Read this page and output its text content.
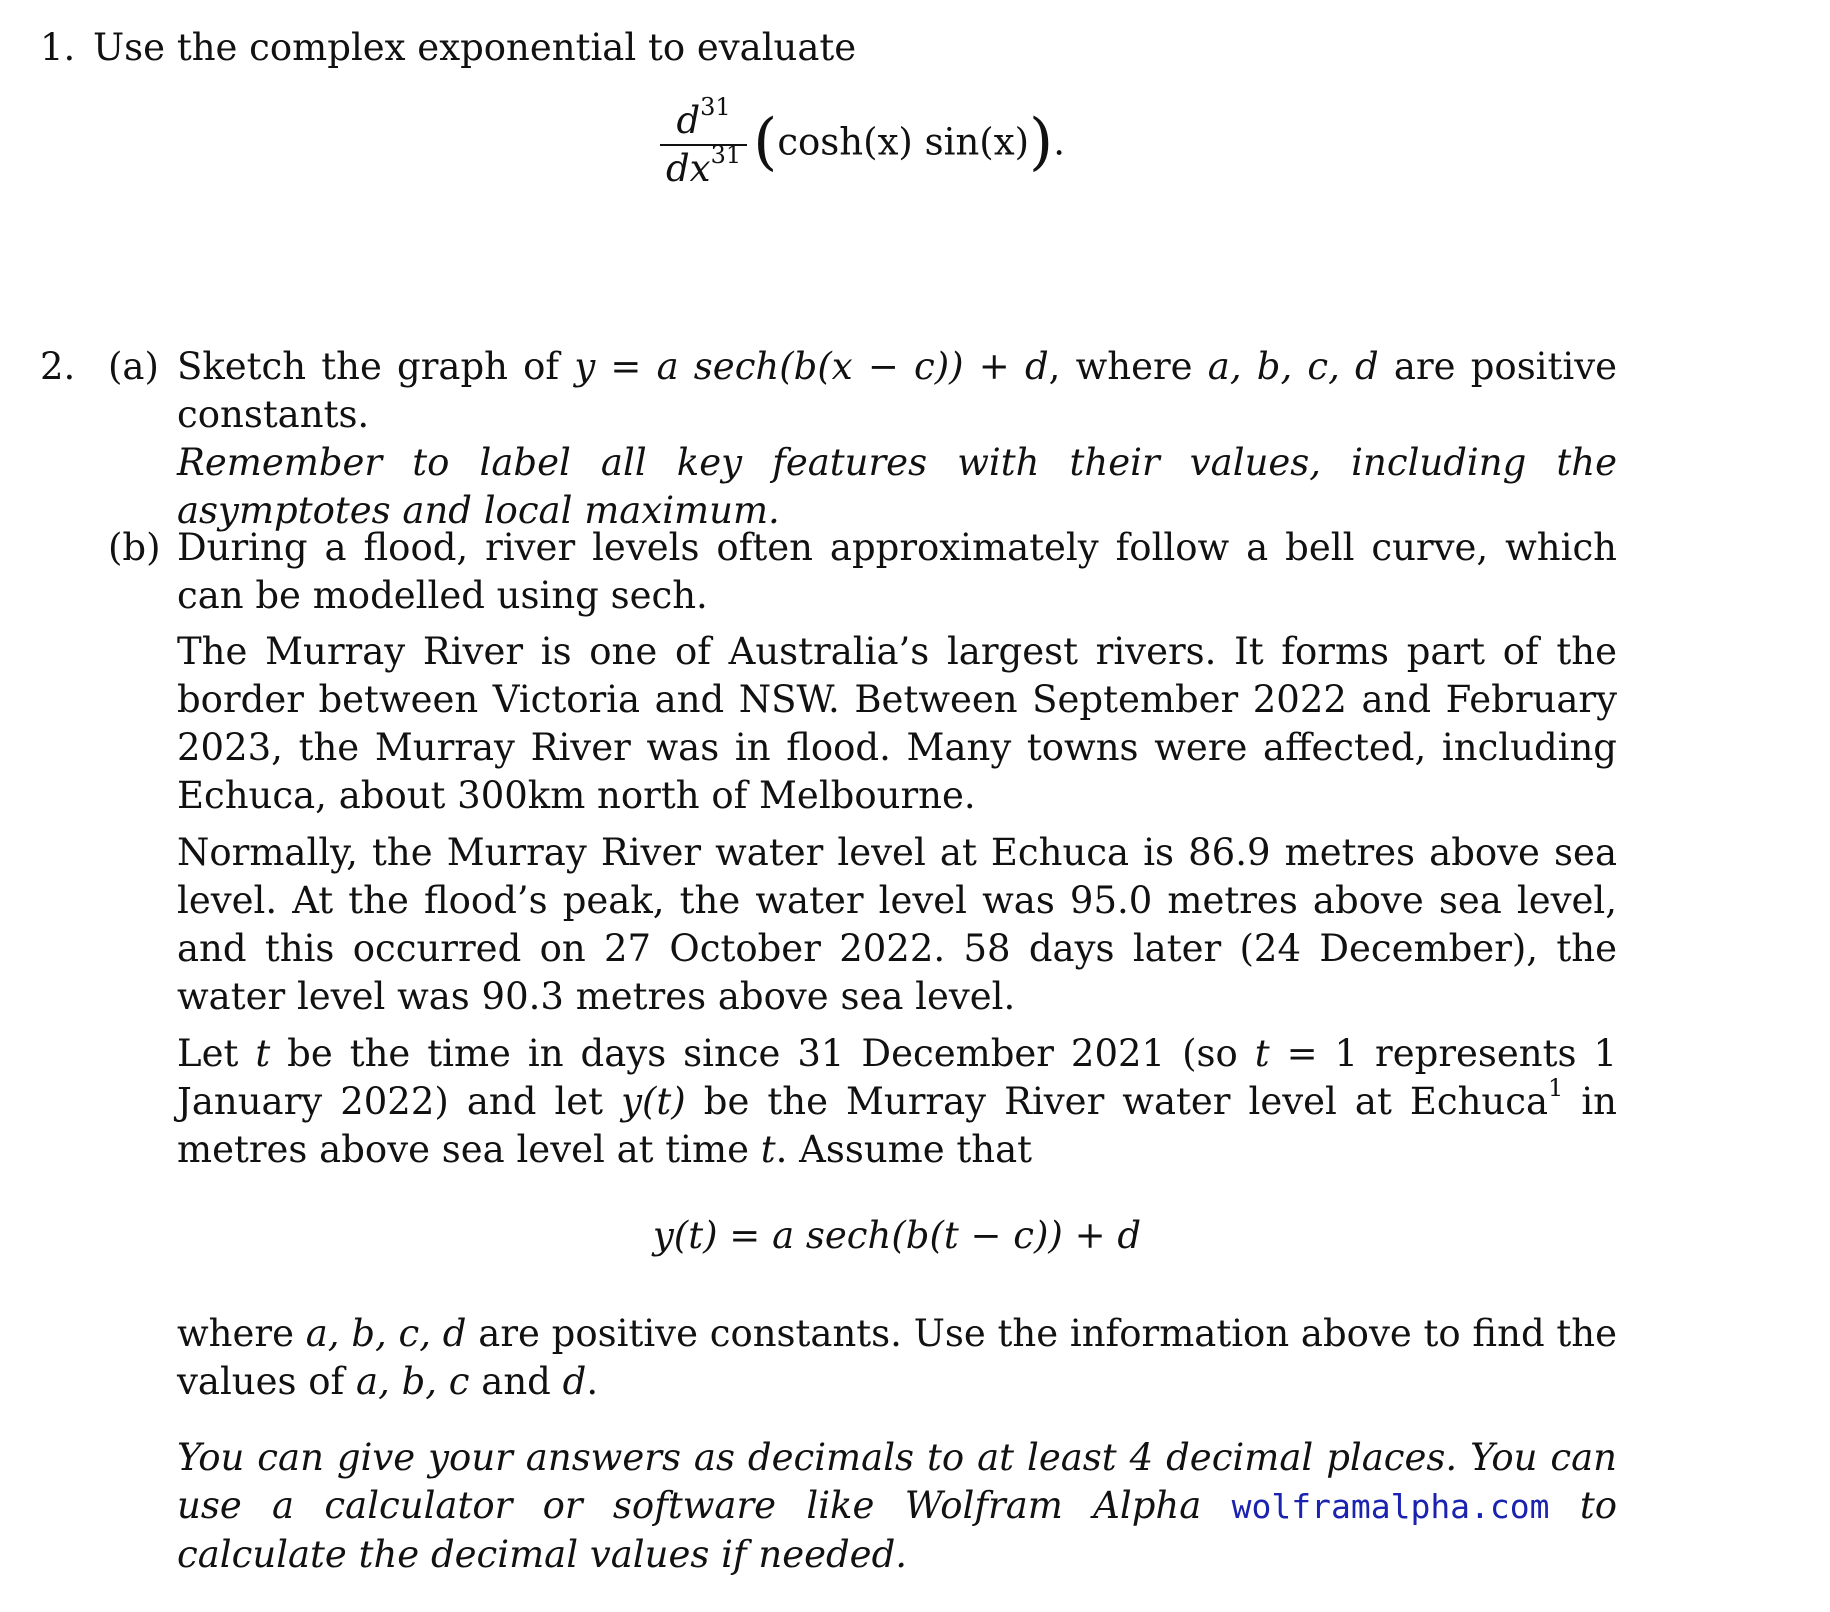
1. Use the complex exponential to evaluate
$\frac{d^{31}}{dx^{31}} (\cosh(x)$ sin(x)).
2. (a) Sketch the graph of y = a sech(b(x − c)) + d, where a, b, c, d are positive constants.

Remember to label all key features with their values, including the asymptotes and local maximum.

(b) During a flood, river levels often approximately follow a bell curve, which can be modelled using sech.

The Murray River is one of Australia’s largest rivers. It forms part of the border between Victoria and NSW. Between September 2022 and February 2023, the Murray River was in flood. Many towns were affected, including Echuca, about 300km north of Melbourne.

Normally, the Murray River water level at Echuca is 86.9 metres above sea level. At the flood’s peak, the water level was 95.0 metres above sea level, and this occurred on 27 October 2022. 58 days later (24 December), the water level was 90.3 metres above sea level.

Let t be the time in days since 31 December 2021 (so t = 1 represents 1 January 2022) and let y(t) be the Murray River water level at Echuca$^1$ in metres above sea level at time t. Assume that

y(t) = a sech(b(t − c)) + d

where a, b, c, d are positive constants. Use the information above to find the values of a, b, c and d.

You can give your answers as decimals to at least 4 decimal places. You can use a calculator or software like Wolfram Alpha wolframalpha.com to calculate the decimal values if needed.
